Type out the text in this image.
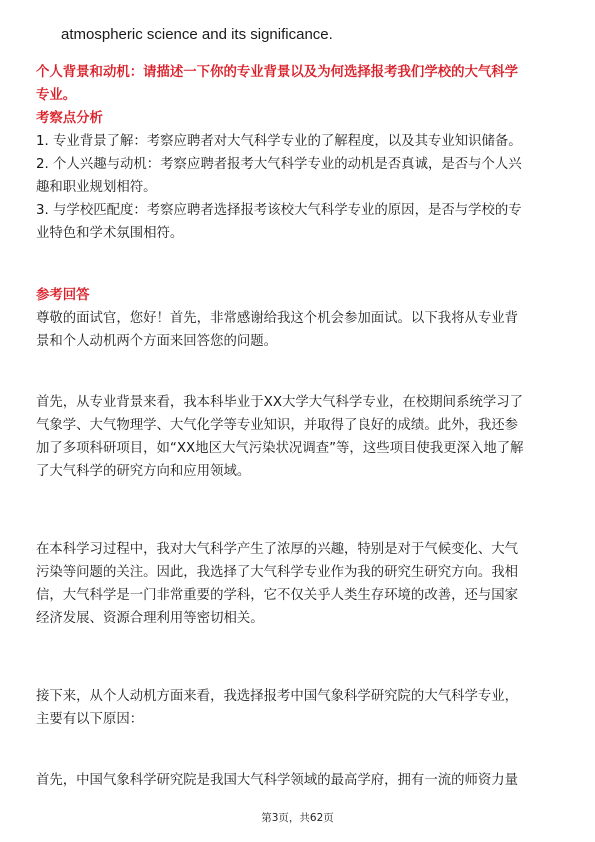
atmospheric science and its significance.
个人背景和动机：请描述一下你的专业背景以及为何选择报考我们学校的大气科学
专业。
考察点分析
1. 专业背景了解：考察应聘者对大气科学专业的了解程度，以及其专业知识储备。
2. 个人兴趣与动机：考察应聘者报考大气科学专业的动机是否真诚，是否与个人兴
趣和职业规划相符。
3. 与学校匹配度：考察应聘者选择报考该校大气科学专业的原因，是否与学校的专
业特色和学术氛围相符。
参考回答
尊敬的面试官，您好！首先，非常感谢给我这个机会参加面试。以下我将从专业背
景和个人动机两个方面来回答您的问题。
首先，从专业背景来看，我本科毕业于XX大学大气科学专业，在校期间系统学习了
气象学、大气物理学、大气化学等专业知识，并取得了良好的成绩。此外，我还参
加了多项科研项目，如“XX地区大气污染状况调查”等，这些项目使我更深入地了解
了大气科学的研究方向和应用领域。
在本科学习过程中，我对大气科学产生了浓厚的兴趣，特别是对于气候变化、大气
污染等问题的关注。因此，我选择了大气科学专业作为我的研究生研究方向。我相
信，大气科学是一门非常重要的学科，它不仅关乎人类生存环境的改善，还与国家
经济发展、资源合理利用等密切相关。
接下来，从个人动机方面来看，我选择报考中国气象科学研究院的大气科学专业，
主要有以下原因：
首先，中国气象科学研究院是我国大气科学领域的最高学府，拥有一流的师资力量
第3页，共62页
